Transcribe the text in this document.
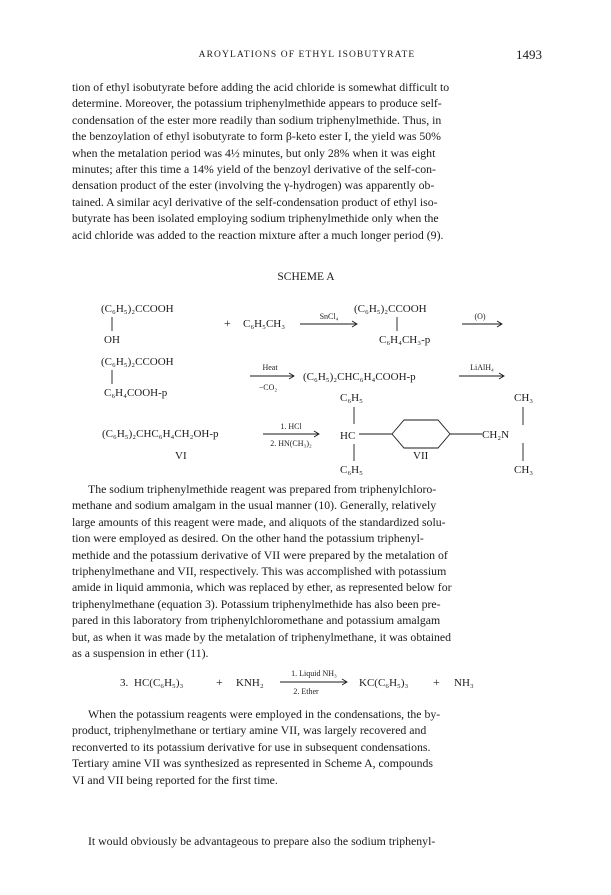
AROYLATIONS OF ETHYL ISOBUTYRATE	1493
tion of ethyl isobutyrate before adding the acid chloride is somewhat difficult to
determine. Moreover, the potassium triphenylmethide appears to produce self-
condensation of the ester more readily than sodium triphenylmethide. Thus, in
the benzoylation of ethyl isobutyrate to form β-keto ester I, the yield was 50%
when the metalation period was 4½ minutes, but only 28% when it was eight
minutes; after this time a 14% yield of the benzoyl derivative of the self-con-
densation product of the ester (involving the γ-hydrogen) was apparently ob-
tained. A similar acyl derivative of the self-condensation product of ethyl iso-
butyrate has been isolated employing sodium triphenylmethide only when the
acid chloride was added to the reaction mixture after a much longer period (9).
SCHEME A
(C₆H₅)₂CCOOH
OH
+ C₆H₅CH₃
SnCl₄
(C₆H₅)₂CCOOH
C₆H₄CH₃-p
(O)
(C₆H₅)₂CCOOH
C₆H₄COOH-p
Heat
−CO₂
(C₆H₅)₂CHC₆H₄COOH-p
LiAlH₄
(C₆H₅)₂CHC₆H₄CH₂OH-p
1. HCl
2. HN(CH₃)₂
C₆H₅
HC
C₆H₅
CH₂N
CH₃
CH₃
VI	VII
The sodium triphenylmethide reagent was prepared from triphenylchloro-
methane and sodium amalgam in the usual manner (10). Generally, relatively
large amounts of this reagent were made, and aliquots of the standardized solu-
tion were employed as desired. On the other hand the potassium triphenyl-
methide and the potassium derivative of VII were prepared by the metalation of
triphenylmethane and VII, respectively. This was accomplished with potassium
amide in liquid ammonia, which was replaced by ether, as represented below for
triphenylmethane (equation 3). Potassium triphenylmethide has also been pre-
pared in this laboratory from triphenylchloromethane and potassium amalgam
but, as when it was made by the metalation of triphenylmethane, it was obtained
as a suspension in ether (11).
3. HC(C₆H₅)₃	+ KNH₂
1. Liquid NH₃
2. Ether
KC(C₆H₅)₃ + NH₃
When the potassium reagents were employed in the condensations, the by-
product, triphenylmethane or tertiary amine VII, was largely recovered and
reconverted to its potassium derivative for use in subsequent condensations.
Tertiary amine VII was synthesized as represented in Scheme A, compounds
VI and VII being reported for the first time.
It would obviously be advantageous to prepare also the sodium triphenyl-
